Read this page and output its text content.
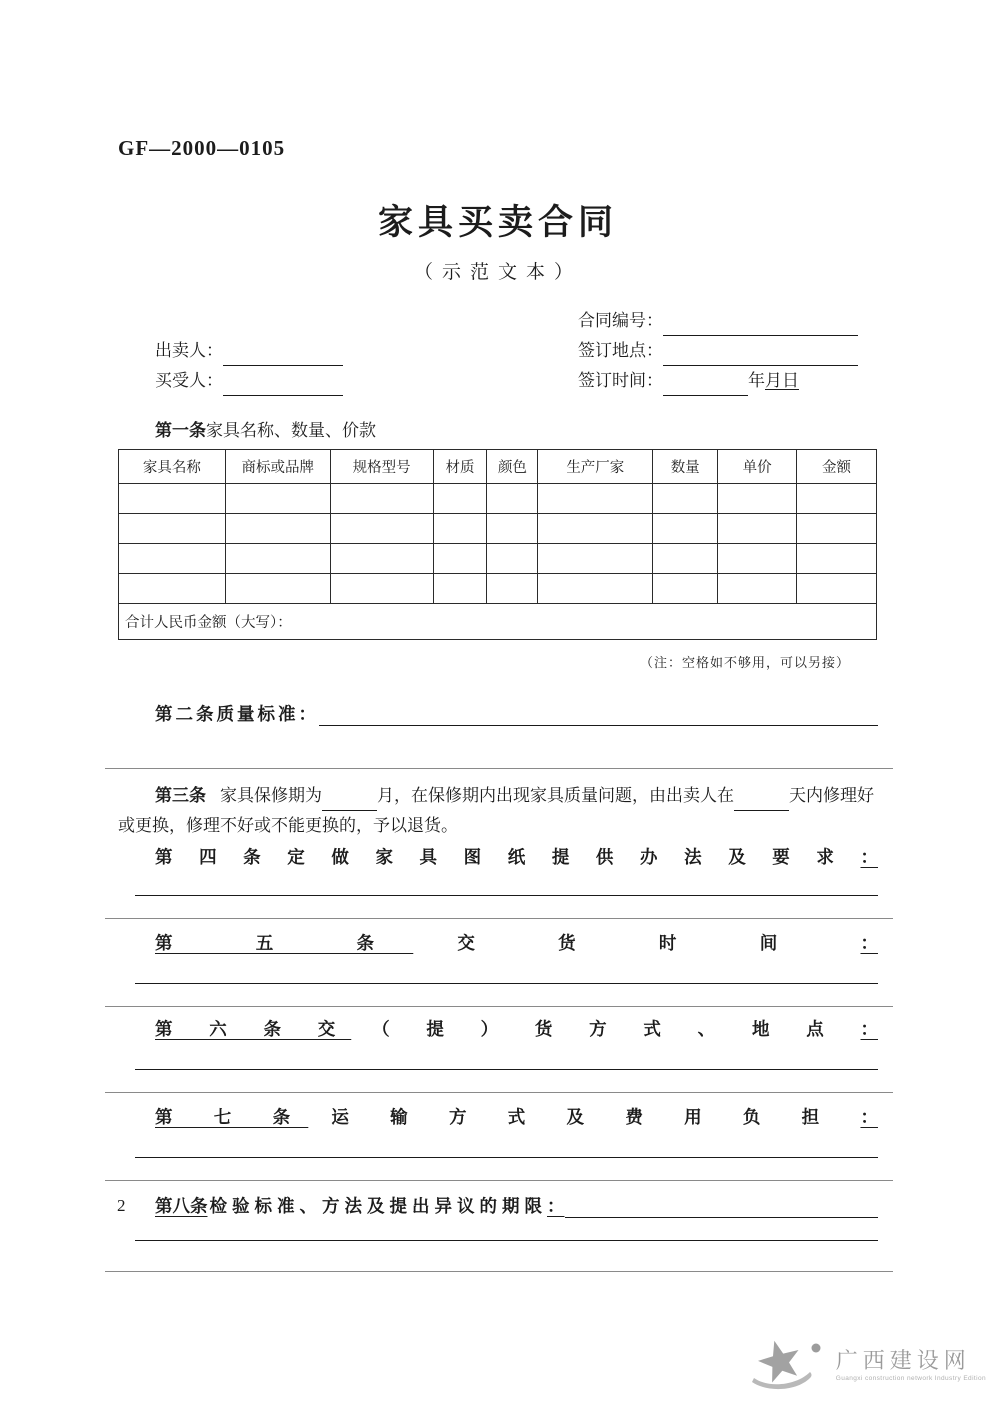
GF—2000—0105
家具买卖合同
（示范文本）
合同编号：
签订地点：
签订时间：	年月日
出卖人：
买受人：
第一条家具名称、数量、价款
家具名称	商标或品牌	规格型号	材质	颜色	生产厂家	数量	单价	金额

合计人民币金额（大写）：								
（注：空格如不够用，可以另接）
第二条质量标准：

第三条 家具保修期为	月，在保修期内出现家具质量问题，由出卖人在	天内修理好或更换，修理不好或不能更换的，予以退货。

第 四 条 定 做 家 具 图 纸 提 供 办 法 及 要 求 ：
第 五 条	交 货 时 间	：
第 六 条 交 （ 提 ） 货 方 式 、 地 点 ：
第 七 条 运 输 方 式 及 费 用 负 担 ：
第八条 检验标准、方法及提出异议的期限 ：
2
广西建设网
Guangxi construction network Industry Edition
